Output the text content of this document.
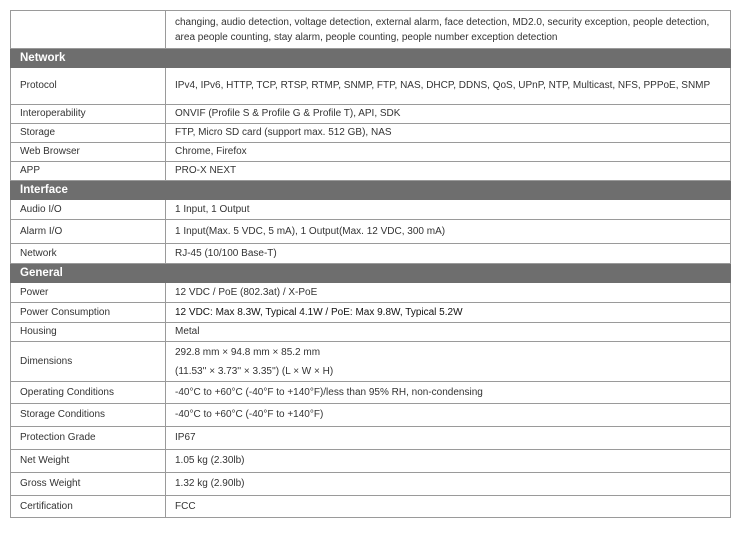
	changing, audio detection, voltage detection, external alarm, face detection, MD2.0, security exception, people detection, area people counting, stay alarm, people counting, people number exception detection
Network	
Protocol	IPv4, IPv6, HTTP, TCP, RTSP, RTMP, SNMP, FTP, NAS, DHCP, DDNS, QoS, UPnP, NTP, Multicast, NFS, PPPoE, SNMP
Interoperability	ONVIF (Profile S & Profile G & Profile T), API, SDK
Storage	FTP, Micro SD card (support max. 512 GB), NAS
Web Browser	Chrome, Firefox
APP	PRO-X NEXT
Interface	
Audio I/O	1 Input, 1 Output
Alarm I/O	1 Input(Max. 5 VDC, 5 mA), 1 Output(Max. 12 VDC, 300 mA)
Network	RJ-45 (10/100 Base-T)
General	
Power	12 VDC / PoE (802.3at) / X-PoE
Power Consumption	12 VDC: Max 8.3W, Typical 4.1W / PoE: Max 9.8W, Typical 5.2W
Housing	Metal
Dimensions	292.8 mm × 94.8 mm × 85.2 mm
(11.53'' × 3.73'' × 3.35'') (L × W × H)

Operating Conditions	-40°C to +60°C (-40°F to +140°F)/less than 95% RH, non-condensing
Storage Conditions	-40°C to +60°C (-40°F to +140°F)
Protection Grade	IP67
Net Weight	1.05 kg (2.30lb)
Gross Weight	1.32 kg (2.90lb)
Certification	FCC
